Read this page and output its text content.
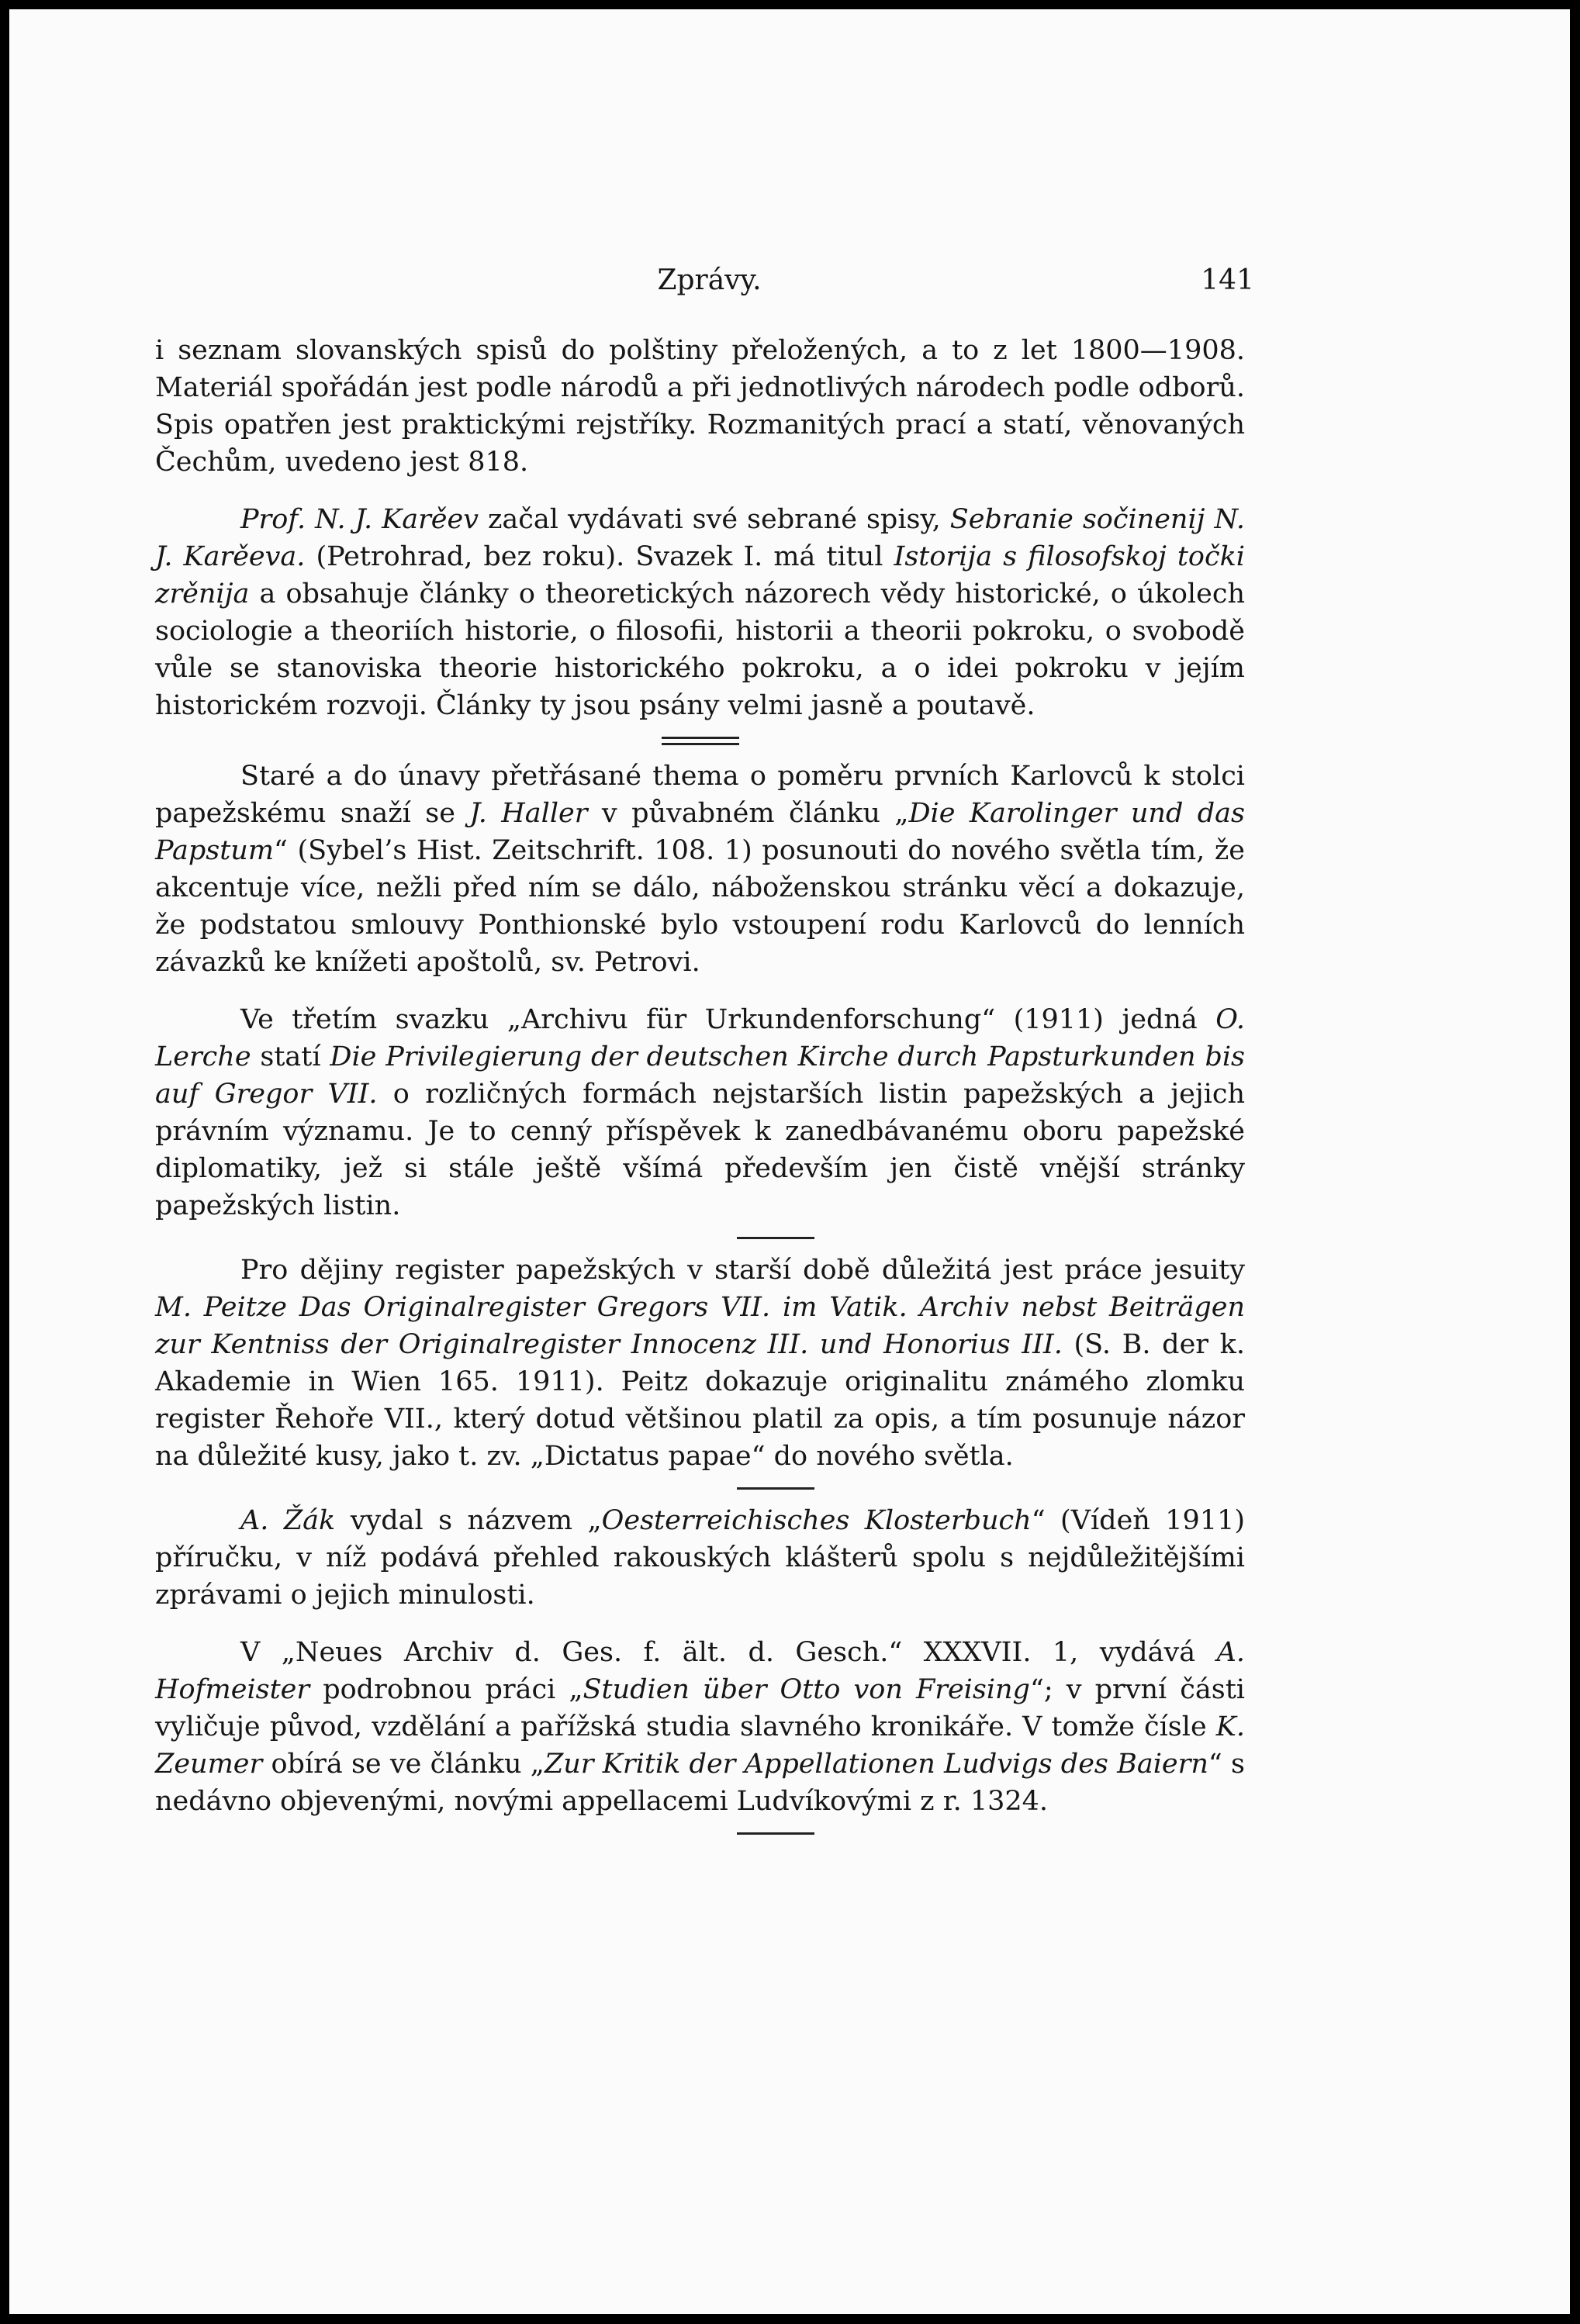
Zprávy.	141

i seznam slovanských spisů do polštiny přeložených, a to z let 1800—1908. Materiál spořádán jest podle národů a při jednotlivých národech podle odborů. Spis opatřen jest praktickými rejstříky. Rozmanitých prací a statí, věnovaných Čechům, uvedeno jest 818.

Prof. N. J. Karěev začal vydávati své sebrané spisy, Sebranie sočinenij N. J. Karěeva. (Petrohrad, bez roku). Svazek I. má titul Istorija s filosofskoj točki zrěnija a obsahuje články o theoretických názorech vědy historické, o úkolech sociologie a theoriích historie, o filosofii, historii a theorii pokroku, o svobodě vůle se stanoviska theorie historického pokroku, a o idei pokroku v jejím historickém rozvoji. Články ty jsou psány velmi jasně a poutavě.

Staré a do únavy přetřásané thema o poměru prvních Karlovců k stolci papežskému snaží se J. Haller v půvabném článku „Die Karolinger und das Papstum“ (Sybel’s Hist. Zeitschrift. 108. 1) posunouti do nového světla tím, že akcentuje více, nežli před ním se dálo, náboženskou stránku věcí a dokazuje, že podstatou smlouvy Ponthionské bylo vstoupení rodu Karlovců do lenních závazků ke knížeti apoštolů, sv. Petrovi.

Ve třetím svazku „Archivu für Urkundenforschung“ (1911) jedná O. Lerche statí Die Privilegierung der deutschen Kirche durch Papsturkunden bis auf Gregor VII. o rozličných formách nejstarších listin papežských a jejich právním významu. Je to cenný příspěvek k zanedbávanému oboru papežské diplomatiky, jež si stále ještě všímá především jen čistě vnější stránky papežských listin.

Pro dějiny register papežských v starší době důležitá jest práce jesuity M. Peitze Das Originalregister Gregors VII. im Vatik. Archiv nebst Beiträgen zur Kentniss der Originalregister Innocenz III. und Honorius III. (S. B. der k. Akademie in Wien 165. 1911). Peitz dokazuje originalitu známého zlomku register Řehoře VII., který dotud většinou platil za opis, a tím posunuje názor na důležité kusy, jako t. zv. „Dictatus papae“ do nového světla.

A. Žák vydal s názvem „Oesterreichisches Klosterbuch“ (Vídeň 1911) příručku, v níž podává přehled rakouských klášterů spolu s nejdůležitějšími zprávami o jejich minulosti.

V „Neues Archiv d. Ges. f. ält. d. Gesch.“ XXXVII. 1, vydává A. Hofmeister podrobnou práci „Studien über Otto von Freising“; v první části vyličuje původ, vzdělání a pařížská studia slavného kronikáře. V tomže čísle K. Zeumer obírá se ve článku „Zur Kritik der Appellationen Ludvigs des Baiern“ s nedávno objevenými, novými appellacemi Ludvíkovými z r. 1324.
